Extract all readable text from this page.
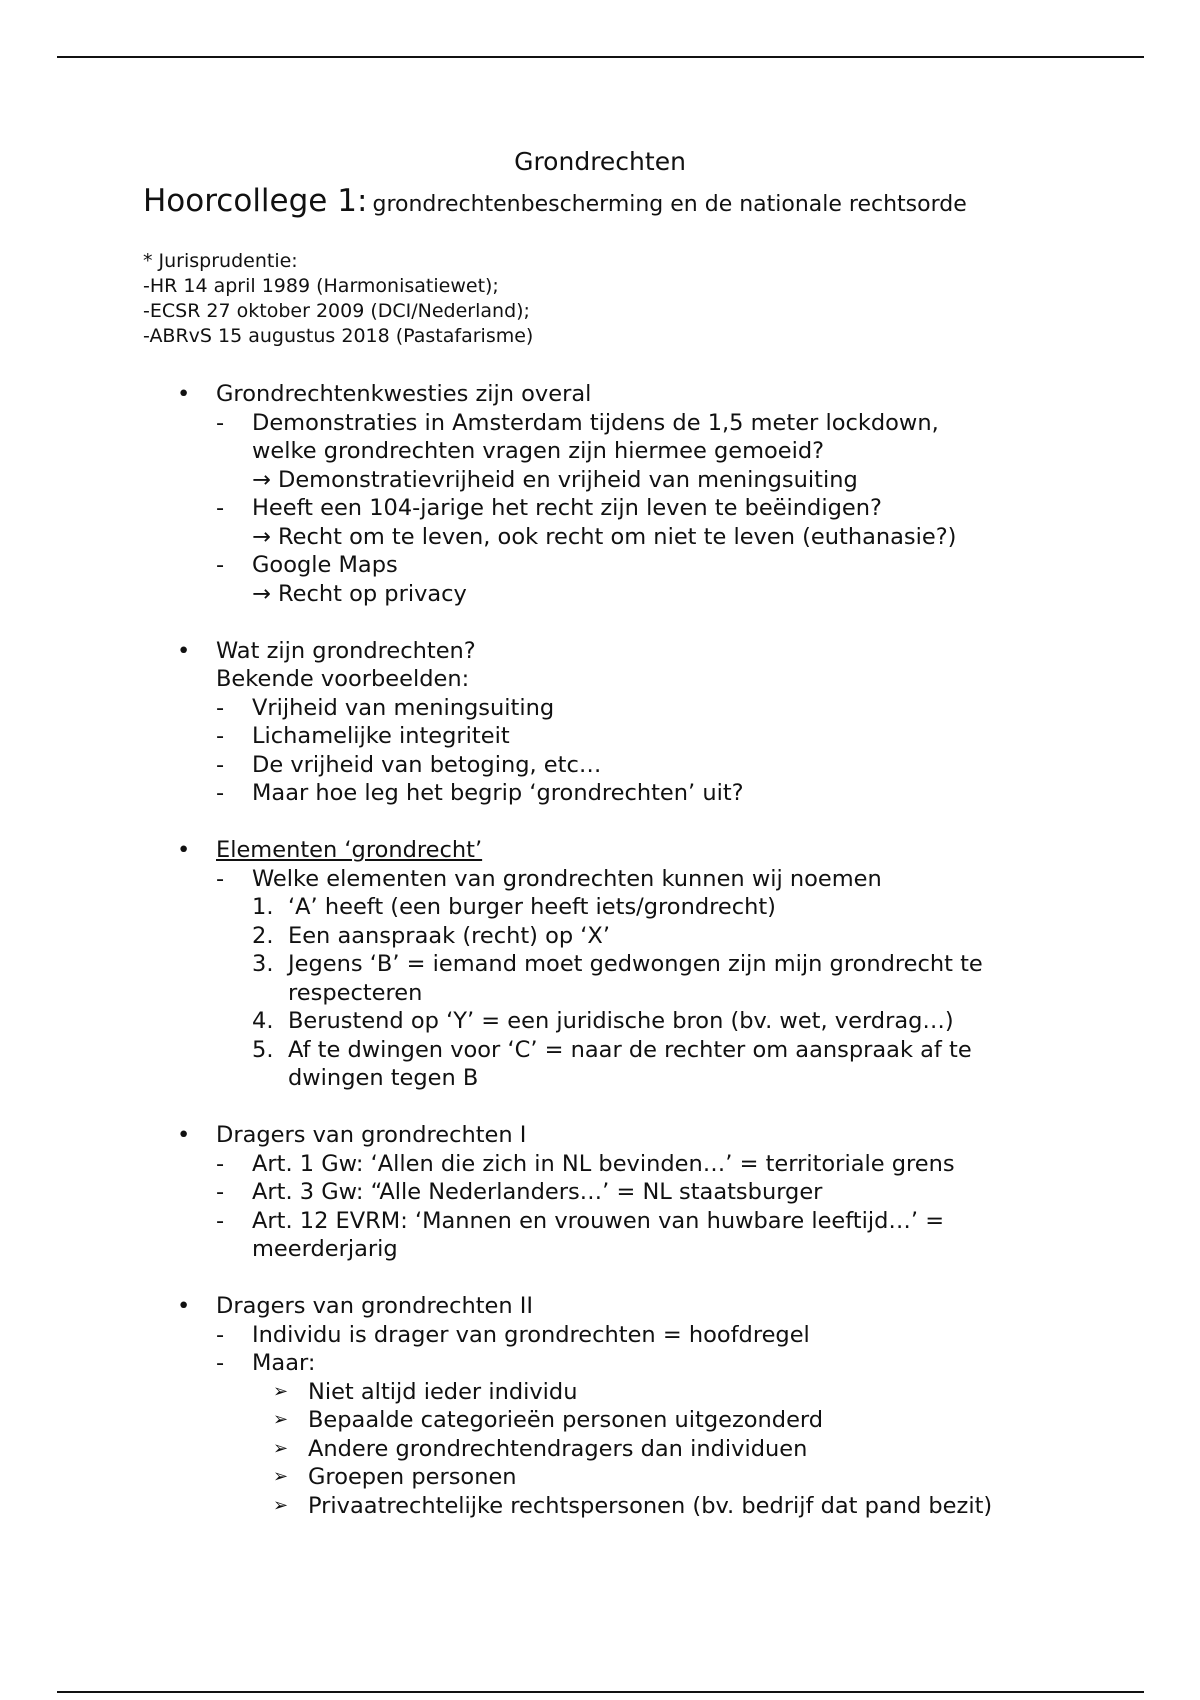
Grondrechten
Hoorcollege 1: grondrechtenbescherming en de nationale rechtsorde
* Jurisprudentie:
-HR 14 april 1989 (Harmonisatiewet);
-ECSR 27 oktober 2009 (DCI/Nederland);
-ABRvS 15 augustus 2018 (Pastafarisme)
• Grondrechtenkwesties zijn overal
- Demonstraties in Amsterdam tijdens de 1,5 meter lockdown,
welke grondrechten vragen zijn hiermee gemoeid?
→ Demonstratievrijheid en vrijheid van meningsuiting
- Heeft een 104-jarige het recht zijn leven te beëindigen?
→ Recht om te leven, ook recht om niet te leven (euthanasie?)
- Google Maps
→ Recht op privacy
• Wat zijn grondrechten?
Bekende voorbeelden:
- Vrijheid van meningsuiting
- Lichamelijke integriteit
- De vrijheid van betoging, etc…
- Maar hoe leg het begrip ‘grondrechten’ uit?
• Elementen ‘grondrecht’
- Welke elementen van grondrechten kunnen wij noemen
1. ‘A’ heeft (een burger heeft iets/grondrecht)
2. Een aanspraak (recht) op ‘X’
3. Jegens ‘B’ = iemand moet gedwongen zijn mijn grondrecht te
respecteren
4. Berustend op ‘Y’ = een juridische bron (bv. wet, verdrag…)
5. Af te dwingen voor ‘C’ = naar de rechter om aanspraak af te
dwingen tegen B
• Dragers van grondrechten I
- Art. 1 Gw: ‘Allen die zich in NL bevinden…’ = territoriale grens
- Art. 3 Gw: “Alle Nederlanders…’ = NL staatsburger
- Art. 12 EVRM: ‘Mannen en vrouwen van huwbare leeftijd…’ =
meerderjarig
• Dragers van grondrechten II
- Individu is drager van grondrechten = hoofdregel
- Maar:
➢ Niet altijd ieder individu
➢ Bepaalde categorieën personen uitgezonderd
➢ Andere grondrechtendragers dan individuen
➢ Groepen personen
➢ Privaatrechtelijke rechtspersonen (bv. bedrijf dat pand bezit)
